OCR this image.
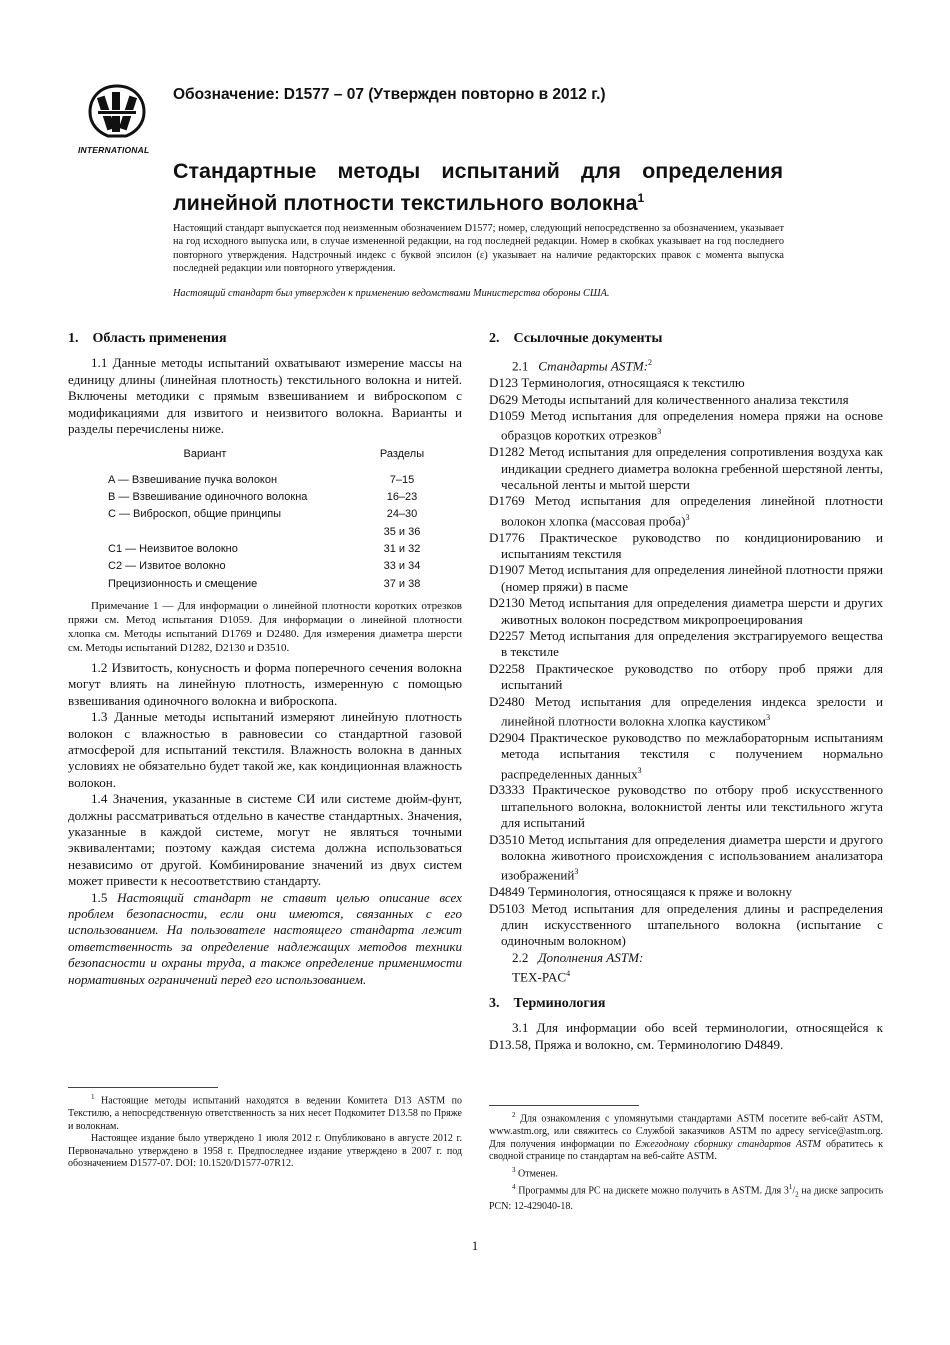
INTERNATIONAL
Обозначение: D1577 – 07 (Утвержден повторно в 2012 г.)
Стандартные методы испытаний для определения линейной плотности текстильного волокна$^1$
Настоящий стандарт выпускается под неизменным обозначением D1577; номер, следующий непосредственно за обозначением, указывает на год исходного выпуска или, в случае измененной редакции, на год последней редакции. Номер в скобках указывает на год последнего повторного утверждения. Надстрочный индекс с буквой эпсилон (ε) указывает на наличие редакторских правок с момента выпуска последней редакции или повторного утверждения.
Настоящий стандарт был утвержден к применению ведомствами Министерства обороны США.
1. Область применения

1.1 Данные методы испытаний охватывают измерение массы на единицу длины (линейная плотность) текстильного волокна и нитей. Включены методики с прямым взвешиванием и виброскопом с модификациями для извитого и неизвитого волокна. Варианты и разделы перечислены ниже.

Вариант	Разделы
A — Взвешивание пучка волокон	7–15
B — Взвешивание одиночного волокна	16–23
C — Виброскоп, общие принципы	24–30
	35 и 36
C1 — Неизвитое волокно	31 и 32
C2 — Извитое волокно	33 и 34
Прецизионность и смещение	37 и 38

Примечание 1 — Для информации о линейной плотности коротких отрезков пряжи см. Метод испытания D1059. Для информации о линейной плотности хлопка см. Методы испытаний D1769 и D2480. Для измерения диаметра шерсти см. Методы испытаний D1282, D2130 и D3510.

1.2 Извитость, конусность и форма поперечного сечения волокна могут влиять на линейную плотность, измеренную с помощью взвешивания одиночного волокна и виброскопа.

1.3 Данные методы испытаний измеряют линейную плотность волокон с влажностью в равновесии со стандартной газовой атмосферой для испытаний текстиля. Влажность волокна в данных условиях не обязательно будет такой же, как кондиционная влажность волокон.

1.4 Значения, указанные в системе СИ или системе дюйм-фунт, должны рассматриваться отдельно в качестве стандартных. Значения, указанные в каждой системе, могут не являться точными эквивалентами; поэтому каждая система должна использоваться независимо от другой. Комбинирование значений из двух систем может привести к несоответствию стандарту.

1.5 Настоящий стандарт не ставит целью описание всех проблем безопасности, если они имеются, связанных с его использованием. На пользователе настоящего стандарта лежит ответственность за определение надлежащих методов техники безопасности и охраны труда, а также определение применимости нормативных ограничений перед его использованием.

$^1$ Настоящие методы испытаний находятся в ведении Комитета D13 ASTM по Текстилю, а непосредственную ответственность за них несет Подкомитет D13.58 по Пряже и волокнам.

Настоящее издание было утверждено 1 июля 2012 г. Опубликовано в августе 2012 г. Первоначально утверждено в 1958 г. Предпоследнее издание утверждено в 2007 г. под обозначением D1577-07. DOI: 10.1520/D1577-07R12.

2. Ссылочные документы
2.1 Стандарты ASTM:$^2$
D123 Терминология, относящаяся к текстилю
D629 Методы испытаний для количественного анализа текстиля
D1059 Метод испытания для определения номера пряжи на основе образцов коротких отрезков$^3$
D1282 Метод испытания для определения сопротивления воздуха как индикации среднего диаметра волокна гребенной шерстяной ленты, чесальной ленты и мытой шерсти
D1769 Метод испытания для определения линейной плотности волокон хлопка (массовая проба)$^3$
D1776 Практическое руководство по кондиционированию и испытаниям текстиля
D1907 Метод испытания для определения линейной плотности пряжи (номер пряжи) в пасме
D2130 Метод испытания для определения диаметра шерсти и других животных волокон посредством микропроецирования
D2257 Метод испытания для определения экстрагируемого вещества в текстиле
D2258 Практическое руководство по отбору проб пряжи для испытаний
D2480 Метод испытания для определения индекса зрелости и линейной плотности волокна хлопка каустиком$^3$
D2904 Практическое руководство по межлабораторным испытаниям метода испытания текстиля с получением нормально распределенных данных$^3$
D3333 Практическое руководство по отбору проб искусственного штапельного волокна, волокнистой ленты или текстильного жгута для испытаний
D3510 Метод испытания для определения диаметра шерсти и другого волокна животного происхождения с использованием анализатора изображений$^3$
D4849 Терминология, относящаяся к пряже и волокну
D5103 Метод испытания для определения длины и распределения длин искусственного штапельного волокна (испытание с одиночным волокном)
2.2 Дополнения ASTM:
TEX-PAC$^4$
3. Терминология

3.1 Для информации обо всей терминологии, относящейся к D13.58, Пряжа и волокно, см. Терминологию D4849.

$^2$ Для ознакомления с упомянутыми стандартами ASTM посетите веб-сайт ASTM, www.astm.org, или свяжитесь со Службой заказчиков ASTM по адресу service@astm.org. Для получения информации по Ежегодному сборнику стандартов ASTM обратитесь к сводной странице по стандартам на веб-сайте ASTM.

$^3$ Отменен.

$^4$ Программы для PC на дискете можно получить в ASTM. Для $3^1/_2$ на диске запросить PCN: 12-429040-18.

1
